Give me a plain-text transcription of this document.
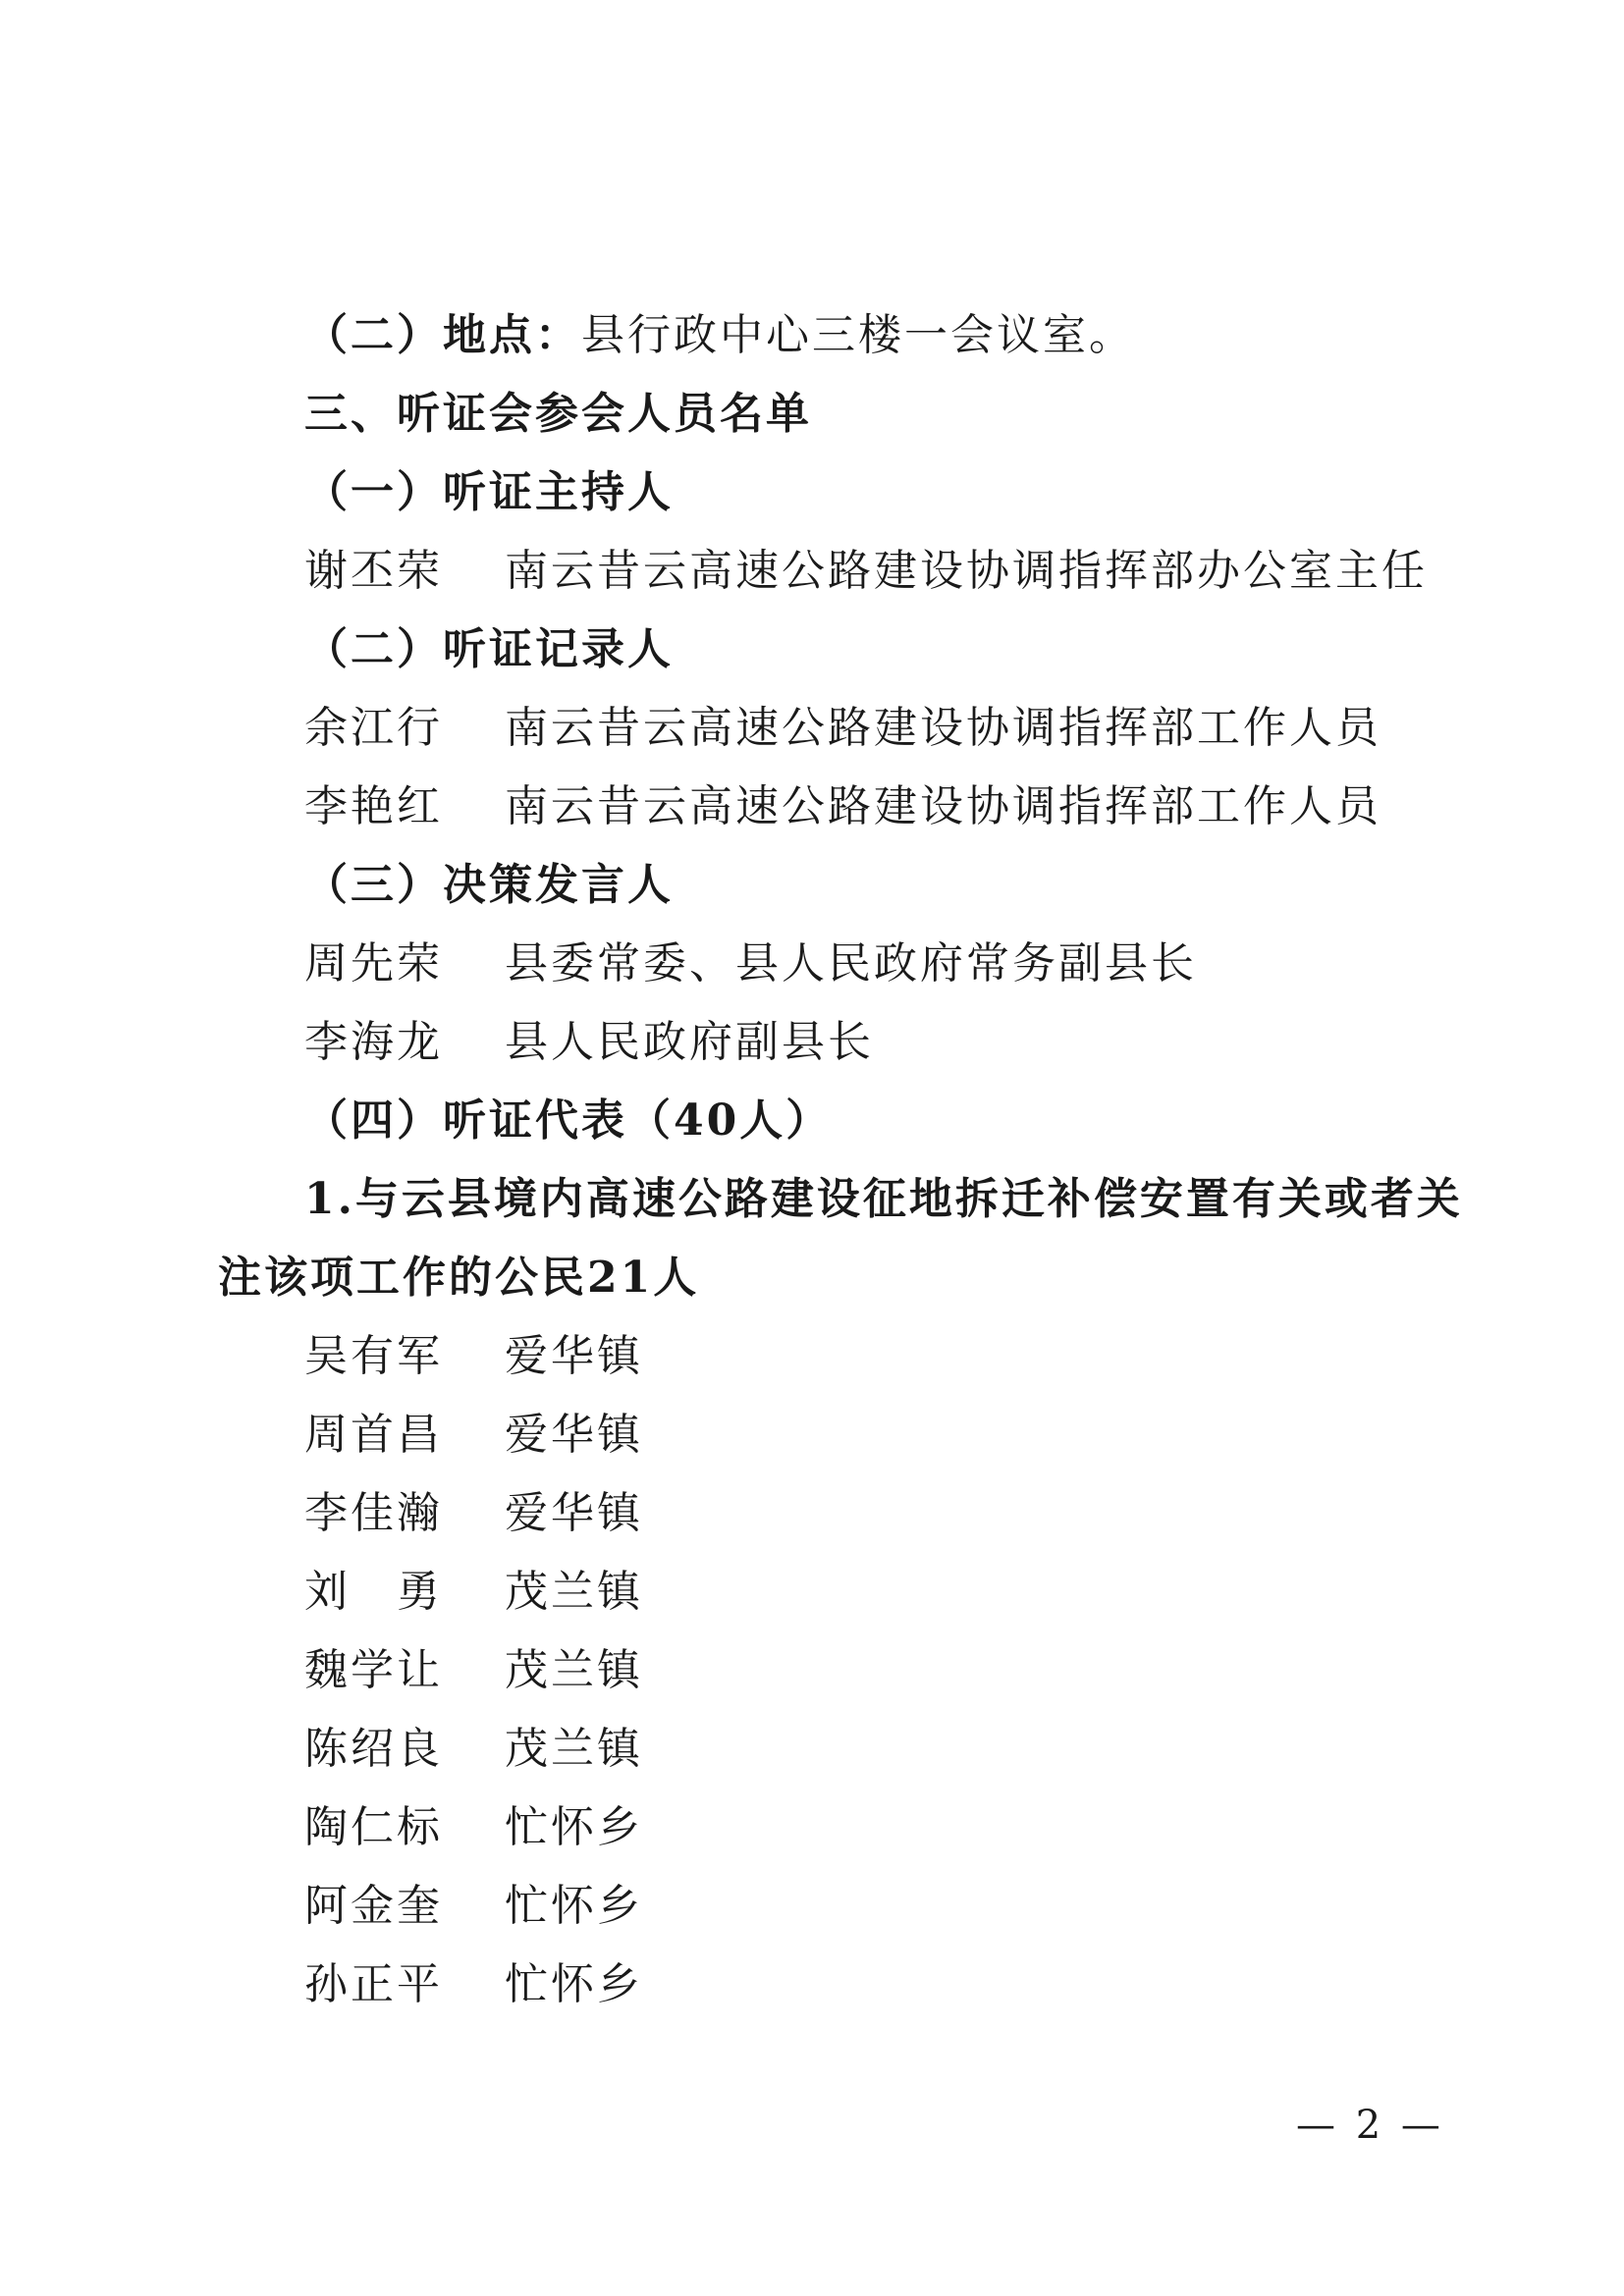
（二）地点：县行政中心三楼一会议室。
三、听证会参会人员名单
（一）听证主持人
谢丕荣 南云昔云高速公路建设协调指挥部办公室主任
（二）听证记录人
余江行 南云昔云高速公路建设协调指挥部工作人员
李艳红 南云昔云高速公路建设协调指挥部工作人员
（三）决策发言人
周先荣 县委常委、县人民政府常务副县长
李海龙 县人民政府副县长
（四）听证代表（40人）
1.与云县境内高速公路建设征地拆迁补偿安置有关或者关
注该项工作的公民21人
吴有军 爱华镇
周首昌 爱华镇
李佳瀚 爱华镇
刘　勇 茂兰镇
魏学让 茂兰镇
陈绍良 茂兰镇
陶仁标 忙怀乡
阿金奎 忙怀乡
孙正平 忙怀乡
— 2 —
